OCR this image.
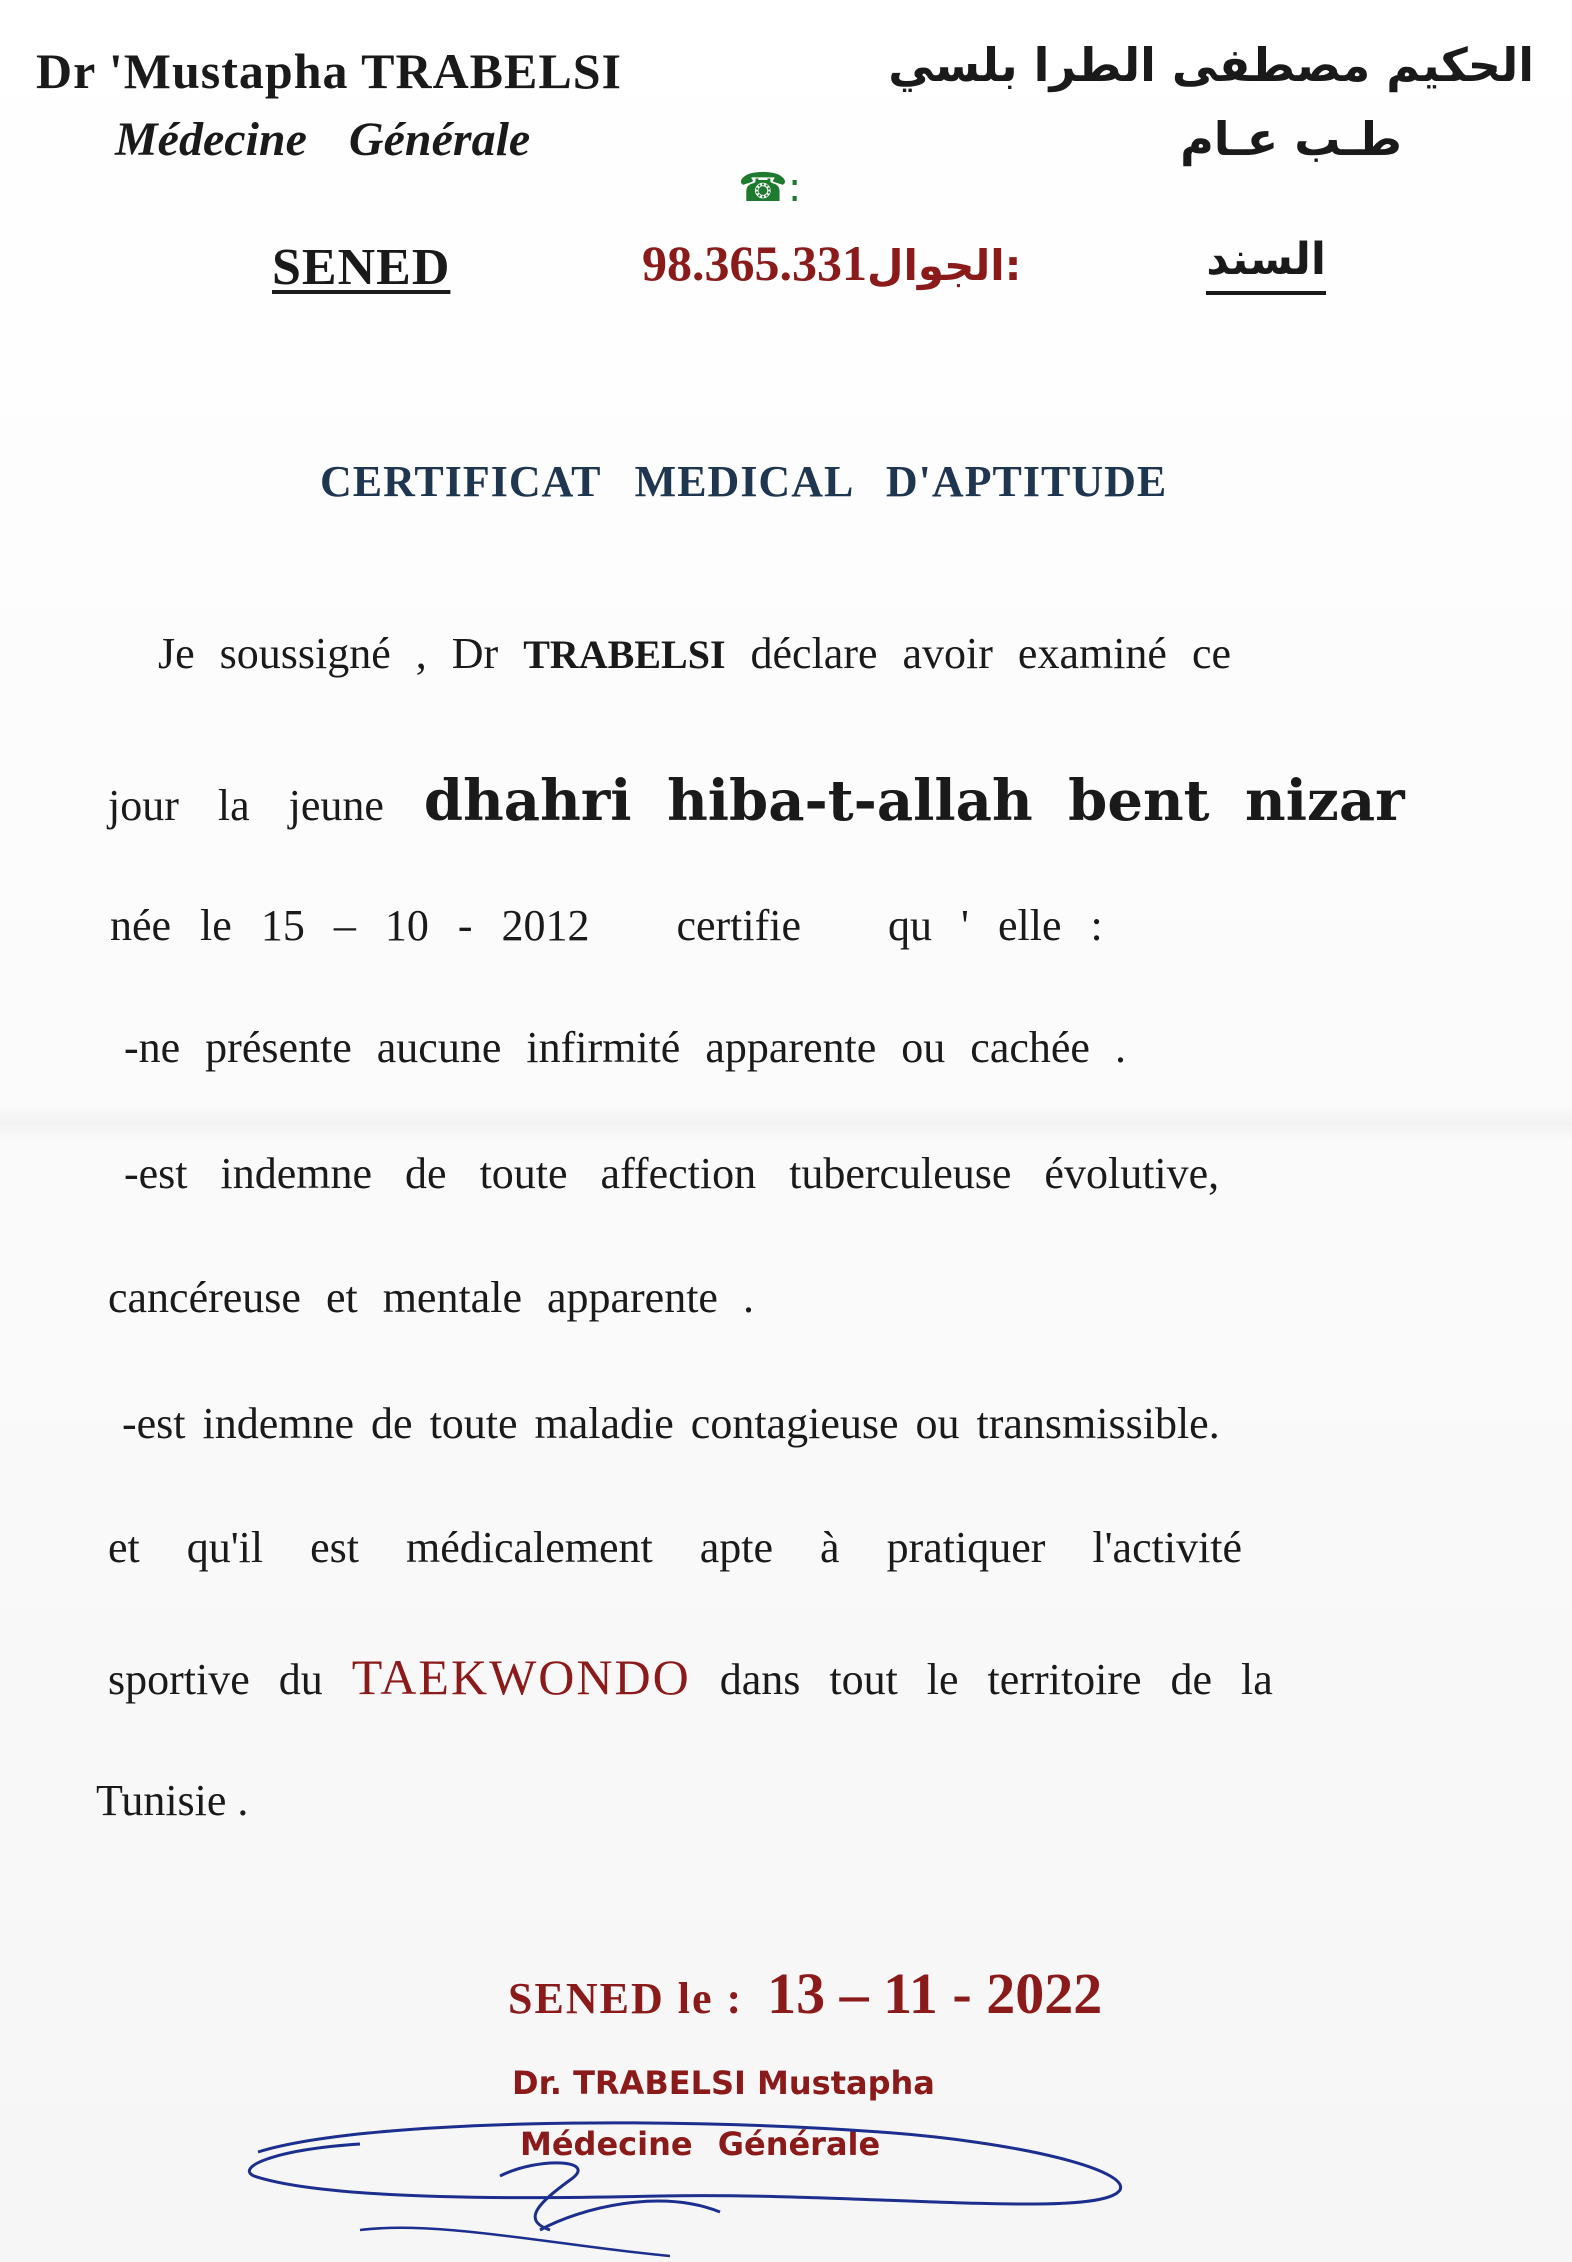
Dr 'Mustapha TRABELSI
Médecine Générale
الحكيم مصطفى الطرا بلسي
طـب عـام
☎:
SENED	98.365.331الجوال:	السند
CERTIFICAT MEDICAL D'APTITUDE
Je soussigné , Dr TRABELSI déclare avoir examiné ce
jour la jeune dhahri hiba-t-allah bent nizar
née le 15 – 10 - 2012   certifie   qu ' elle :
-ne présente aucune infirmité apparente ou cachée .
-est indemne de toute affection tuberculeuse évolutive,
cancéreuse et mentale apparente .
-est indemne de toute maladie contagieuse ou transmissible.
et qu'il est médicalement apte à pratiquer l'activité
sportive du TAEKWONDO dans tout le territoire de la
Tunisie .
SENED le : 13 – 11 - 2022
Dr. TRABELSI Mustapha
Médecine Générale
